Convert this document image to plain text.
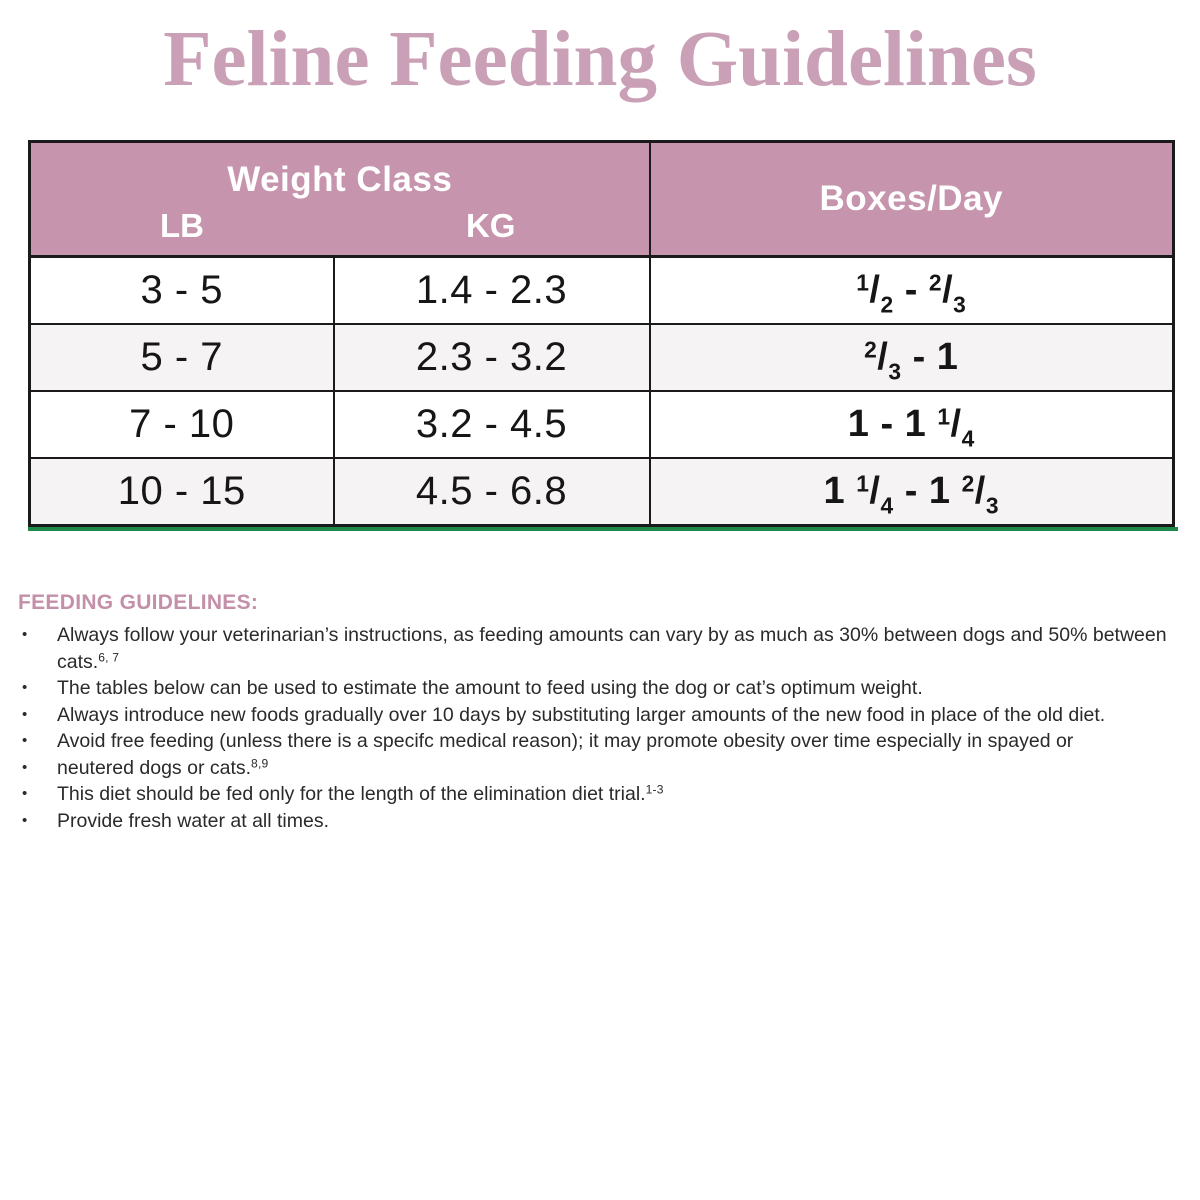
Feline Feeding Guidelines
Weight Class
LB KG		Boxes/Day
3 - 5	1.4 - 2.3	$^1/_2 - ^2/_3$
5 - 7	2.3 - 3.2	$^2/_3 - 1$
7 - 10	3.2 - 4.5	1 - 1 $^1/_4$
10 - 15	4.5 - 6.8	1 $^1/_4 - 1$ $^2/_3$
FEEDING GUIDELINES:
• Always follow your veterinarian’s instructions, as feeding amounts can vary by as much as 30% between dogs and 50% between cats.$^{6, 7}$
• The tables below can be used to estimate the amount to feed using the dog or cat’s optimum weight.
• Always introduce new foods gradually over 10 days by substituting larger amounts of the new food in place of the old diet.
• Avoid free feeding (unless there is a specifc medical reason); it may promote obesity over time especially in spayed or
• neutered dogs or cats.$^{8,9}$
• This diet should be fed only for the length of the elimination diet trial.$^{1-3}$
• Provide fresh water at all times.
